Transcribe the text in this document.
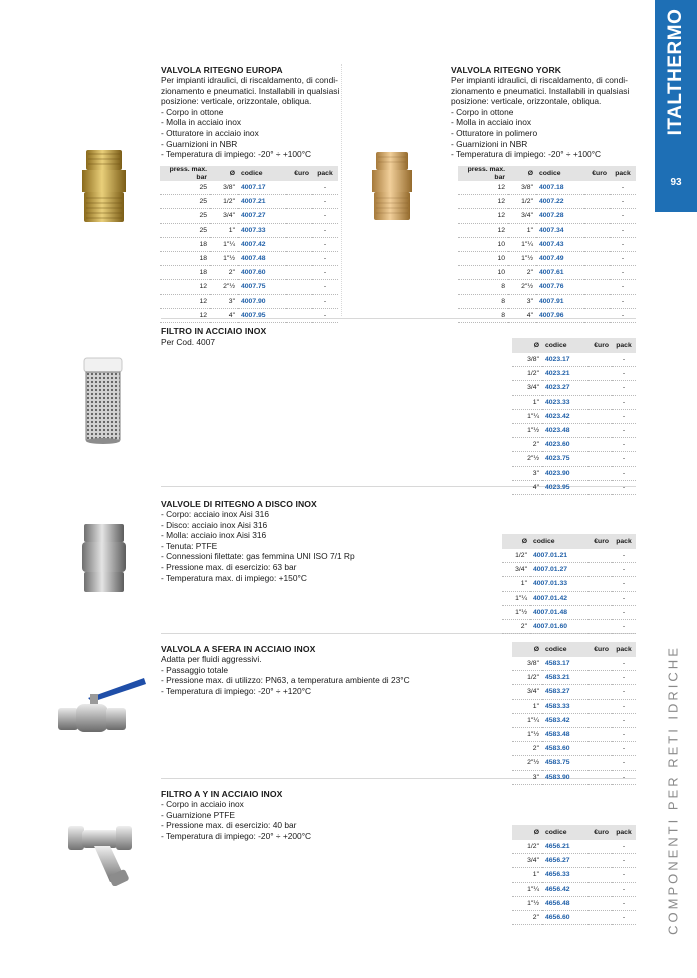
ITALTHERMO
93
COMPONENTI PER RETI IDRICHE
VALVOLA RITEGNO EUROPA
Per impianti idraulici, di riscaldamento, di condi-
zionamento e pneumatici. Installabili in qualsiasi
posizione: verticale, orizzontale, obliqua.
- Corpo in ottone
- Molla in acciaio inox
- Otturatore in acciaio inox
- Guarnizioni in NBR
- Temperatura di impiego: -20° ÷ +100°C
press. max. bar	Ø	codice	€uro	pack
25	3/8"	4007.17		-
25	1/2"	4007.21		-
25	3/4"	4007.27		-
25	1"	4007.33		-
18	1"¼	4007.42		-
18	1"½	4007.48		-
18	2"	4007.60		-
12	2"½	4007.75		-
12	3"	4007.90		-
12	4"	4007.95		-
VALVOLA RITEGNO YORK
Per impianti idraulici, di riscaldamento, di condi-
zionamento e pneumatici. Installabili in qualsiasi
posizione: verticale, orizzontale, obliqua.
- Corpo in ottone
- Molla in acciaio inox
- Otturatore in polimero
- Guarnizioni in NBR
- Temperatura di impiego: -20° ÷ +100°C
press. max. bar	Ø	codice	€uro	pack
12	3/8"	4007.18		-
12	1/2"	4007.22		-
12	3/4"	4007.28		-
12	1"	4007.34		-
10	1"¼	4007.43		-
10	1"½	4007.49		-
10	2"	4007.61		-
8	2"½	4007.76		-
8	3"	4007.91		-
8	4"	4007.96		-
FILTRO IN ACCIAIO INOX
Per Cod. 4007	Ø	codice	€uro	pack
3/8"	4023.17		-
1/2"	4023.21		-
3/4"	4023.27		-
1"	4023.33		-
1"¼	4023.42		-
1"½	4023.48		-
2"	4023.60		-
2"½	4023.75		-
3"	4023.90		-
4"	4023.95		-
VALVOLE DI RITEGNO A DISCO INOX
- Corpo: acciaio inox Aisi 316
- Disco: acciaio inox Aisi 316
- Molla: acciaio inox Aisi 316
- Tenuta: PTFE
- Connessioni filettate: gas femmina UNI ISO 7/1 Rp
- Pressione max. di esercizio: 63 bar
- Temperatura max. di impiego: +150°C
Ø	codice	€uro	pack
1/2"	4007.01.21		-
3/4"	4007.01.27		-
1"	4007.01.33		-
1"¼	4007.01.42		-
1"½	4007.01.48		-
2"	4007.01.60		-
VALVOLA A SFERA IN ACCIAIO INOX
Adatta per fluidi aggressivi.
- Passaggio totale
- Pressione max. di utilizzo: PN63, a temperatura ambiente di 23°C
- Temperatura di impiego: -20° ÷ +120°C
Ø	codice	€uro	pack
3/8"	4583.17		-
1/2"	4583.21		-
3/4"	4583.27		-
1"	4583.33		-
1"¼	4583.42		-
1"½	4583.48		-
2"	4583.60		-
2"½	4583.75		-
3"	4583.90		-
FILTRO A Y IN ACCIAIO INOX
- Corpo in acciaio inox
- Guarnizione PTFE
- Pressione max. di esercizio: 40 bar
- Temperatura di impiego: -20° ÷ +200°C	Ø	codice	€uro	pack
1/2"	4656.21		-
3/4"	4656.27		-
1"	4656.33		-
1"¼	4656.42		-
1"½	4656.48		-
2"	4656.60		-
